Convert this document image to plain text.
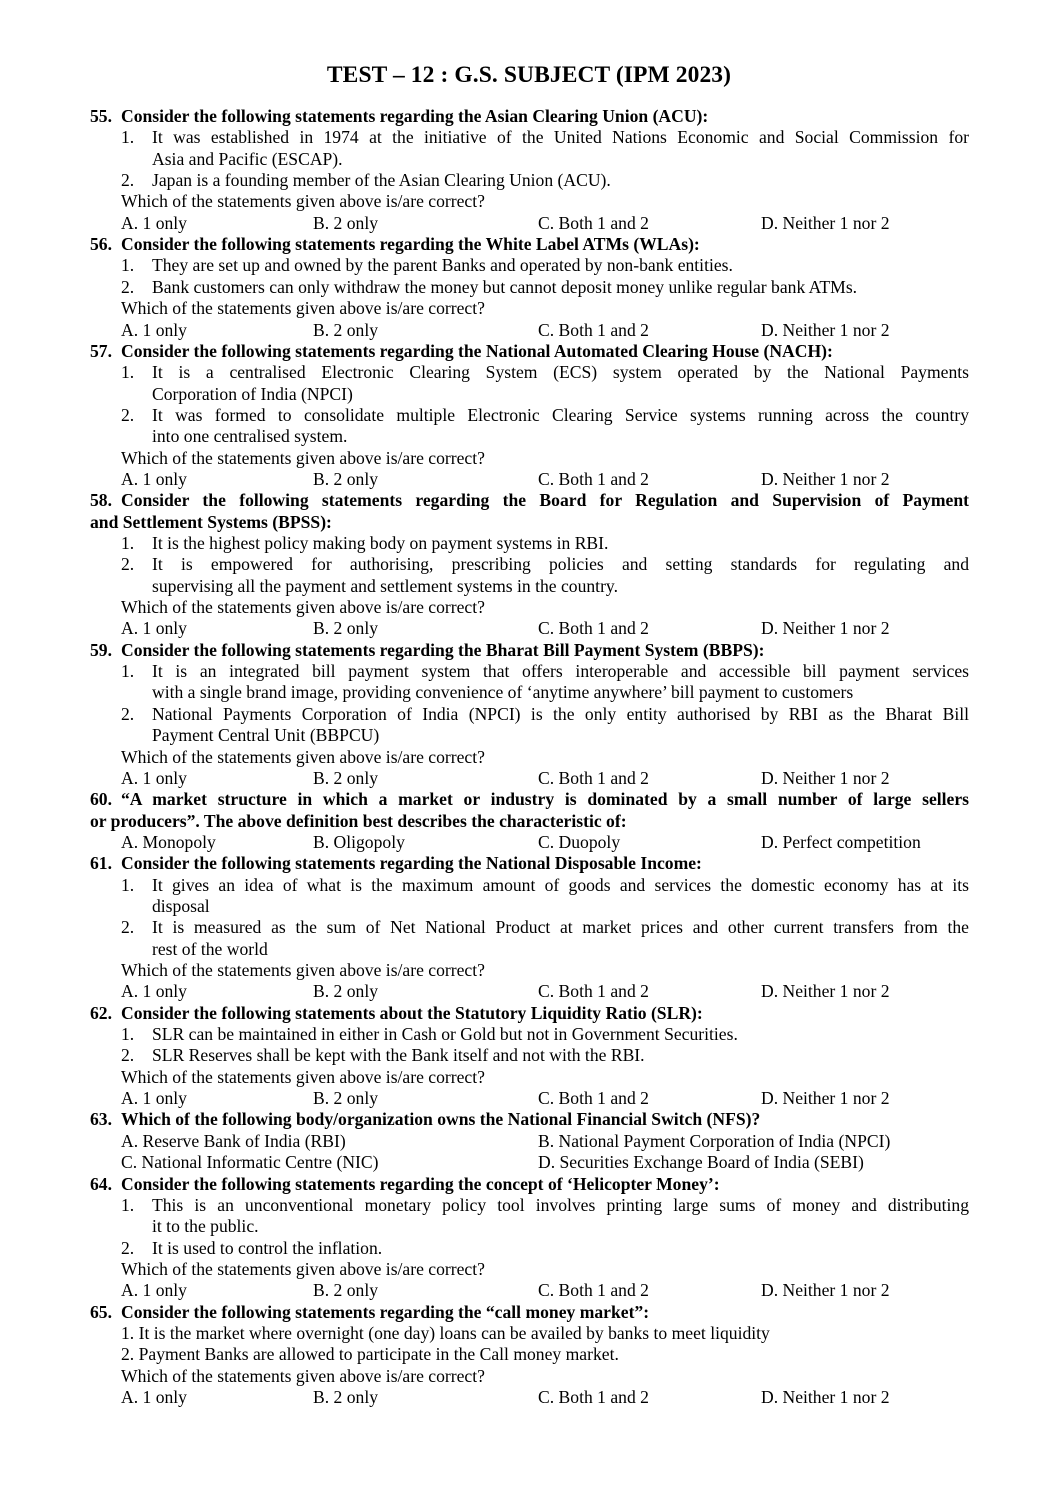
TEST – 12 : G.S. SUBJECT (IPM 2023)
55. Consider the following statements regarding the Asian Clearing Union (ACU):
1. It was established in 1974 at the initiative of the United Nations Economic and Social Commission for
Asia and Pacific (ESCAP).
2. Japan is a founding member of the Asian Clearing Union (ACU).
Which of the statements given above is/are correct?
A. 1 only	B. 2 only	C. Both 1 and 2	D. Neither 1 nor 2
56. Consider the following statements regarding the White Label ATMs (WLAs):
1. They are set up and owned by the parent Banks and operated by non-bank entities.
2. Bank customers can only withdraw the money but cannot deposit money unlike regular bank ATMs.
Which of the statements given above is/are correct?
A. 1 only	B. 2 only	C. Both 1 and 2	D. Neither 1 nor 2
57. Consider the following statements regarding the National Automated Clearing House (NACH):
1. It is a centralised Electronic Clearing System (ECS) system operated by the National Payments
Corporation of India (NPCI)
2. It was formed to consolidate multiple Electronic Clearing Service systems running across the country
into one centralised system.
Which of the statements given above is/are correct?
A. 1 only	B. 2 only	C. Both 1 and 2	D. Neither 1 nor 2
58. Consider the following statements regarding the Board for Regulation and Supervision of Payment
and Settlement Systems (BPSS):
1. It is the highest policy making body on payment systems in RBI.
2. It is empowered for authorising, prescribing policies and setting standards for regulating and
supervising all the payment and settlement systems in the country.
Which of the statements given above is/are correct?
A. 1 only	B. 2 only	C. Both 1 and 2	D. Neither 1 nor 2
59. Consider the following statements regarding the Bharat Bill Payment System (BBPS):
1. It is an integrated bill payment system that offers interoperable and accessible bill payment services
with a single brand image, providing convenience of ‘anytime anywhere’ bill payment to customers
2. National Payments Corporation of India (NPCI) is the only entity authorised by RBI as the Bharat Bill
Payment Central Unit (BBPCU)
Which of the statements given above is/are correct?
A. 1 only	B. 2 only	C. Both 1 and 2	D. Neither 1 nor 2
60. “A market structure in which a market or industry is dominated by a small number of large sellers
or producers”. The above definition best describes the characteristic of:
A. Monopoly	B. Oligopoly	C. Duopoly	D. Perfect competition
61. Consider the following statements regarding the National Disposable Income:
1. It gives an idea of what is the maximum amount of goods and services the domestic economy has at its
disposal
2. It is measured as the sum of Net National Product at market prices and other current transfers from the
rest of the world
Which of the statements given above is/are correct?
A. 1 only	B. 2 only	C. Both 1 and 2	D. Neither 1 nor 2
62. Consider the following statements about the Statutory Liquidity Ratio (SLR):
1. SLR can be maintained in either in Cash or Gold but not in Government Securities.
2. SLR Reserves shall be kept with the Bank itself and not with the RBI.
Which of the statements given above is/are correct?
A. 1 only	B. 2 only	C. Both 1 and 2	D. Neither 1 nor 2
63. Which of the following body/organization owns the National Financial Switch (NFS)?
A. Reserve Bank of India (RBI)	B. National Payment Corporation of India (NPCI)
C. National Informatic Centre (NIC)	D. Securities Exchange Board of India (SEBI)
64. Consider the following statements regarding the concept of ‘Helicopter Money’:
1. This is an unconventional monetary policy tool involves printing large sums of money and distributing
it to the public.
2. It is used to control the inflation.
Which of the statements given above is/are correct?
A. 1 only	B. 2 only	C. Both 1 and 2	D. Neither 1 nor 2
65. Consider the following statements regarding the “call money market”:
1. It is the market where overnight (one day) loans can be availed by banks to meet liquidity
2. Payment Banks are allowed to participate in the Call money market.
Which of the statements given above is/are correct?
A. 1 only	B. 2 only	C. Both 1 and 2	D. Neither 1 nor 2
